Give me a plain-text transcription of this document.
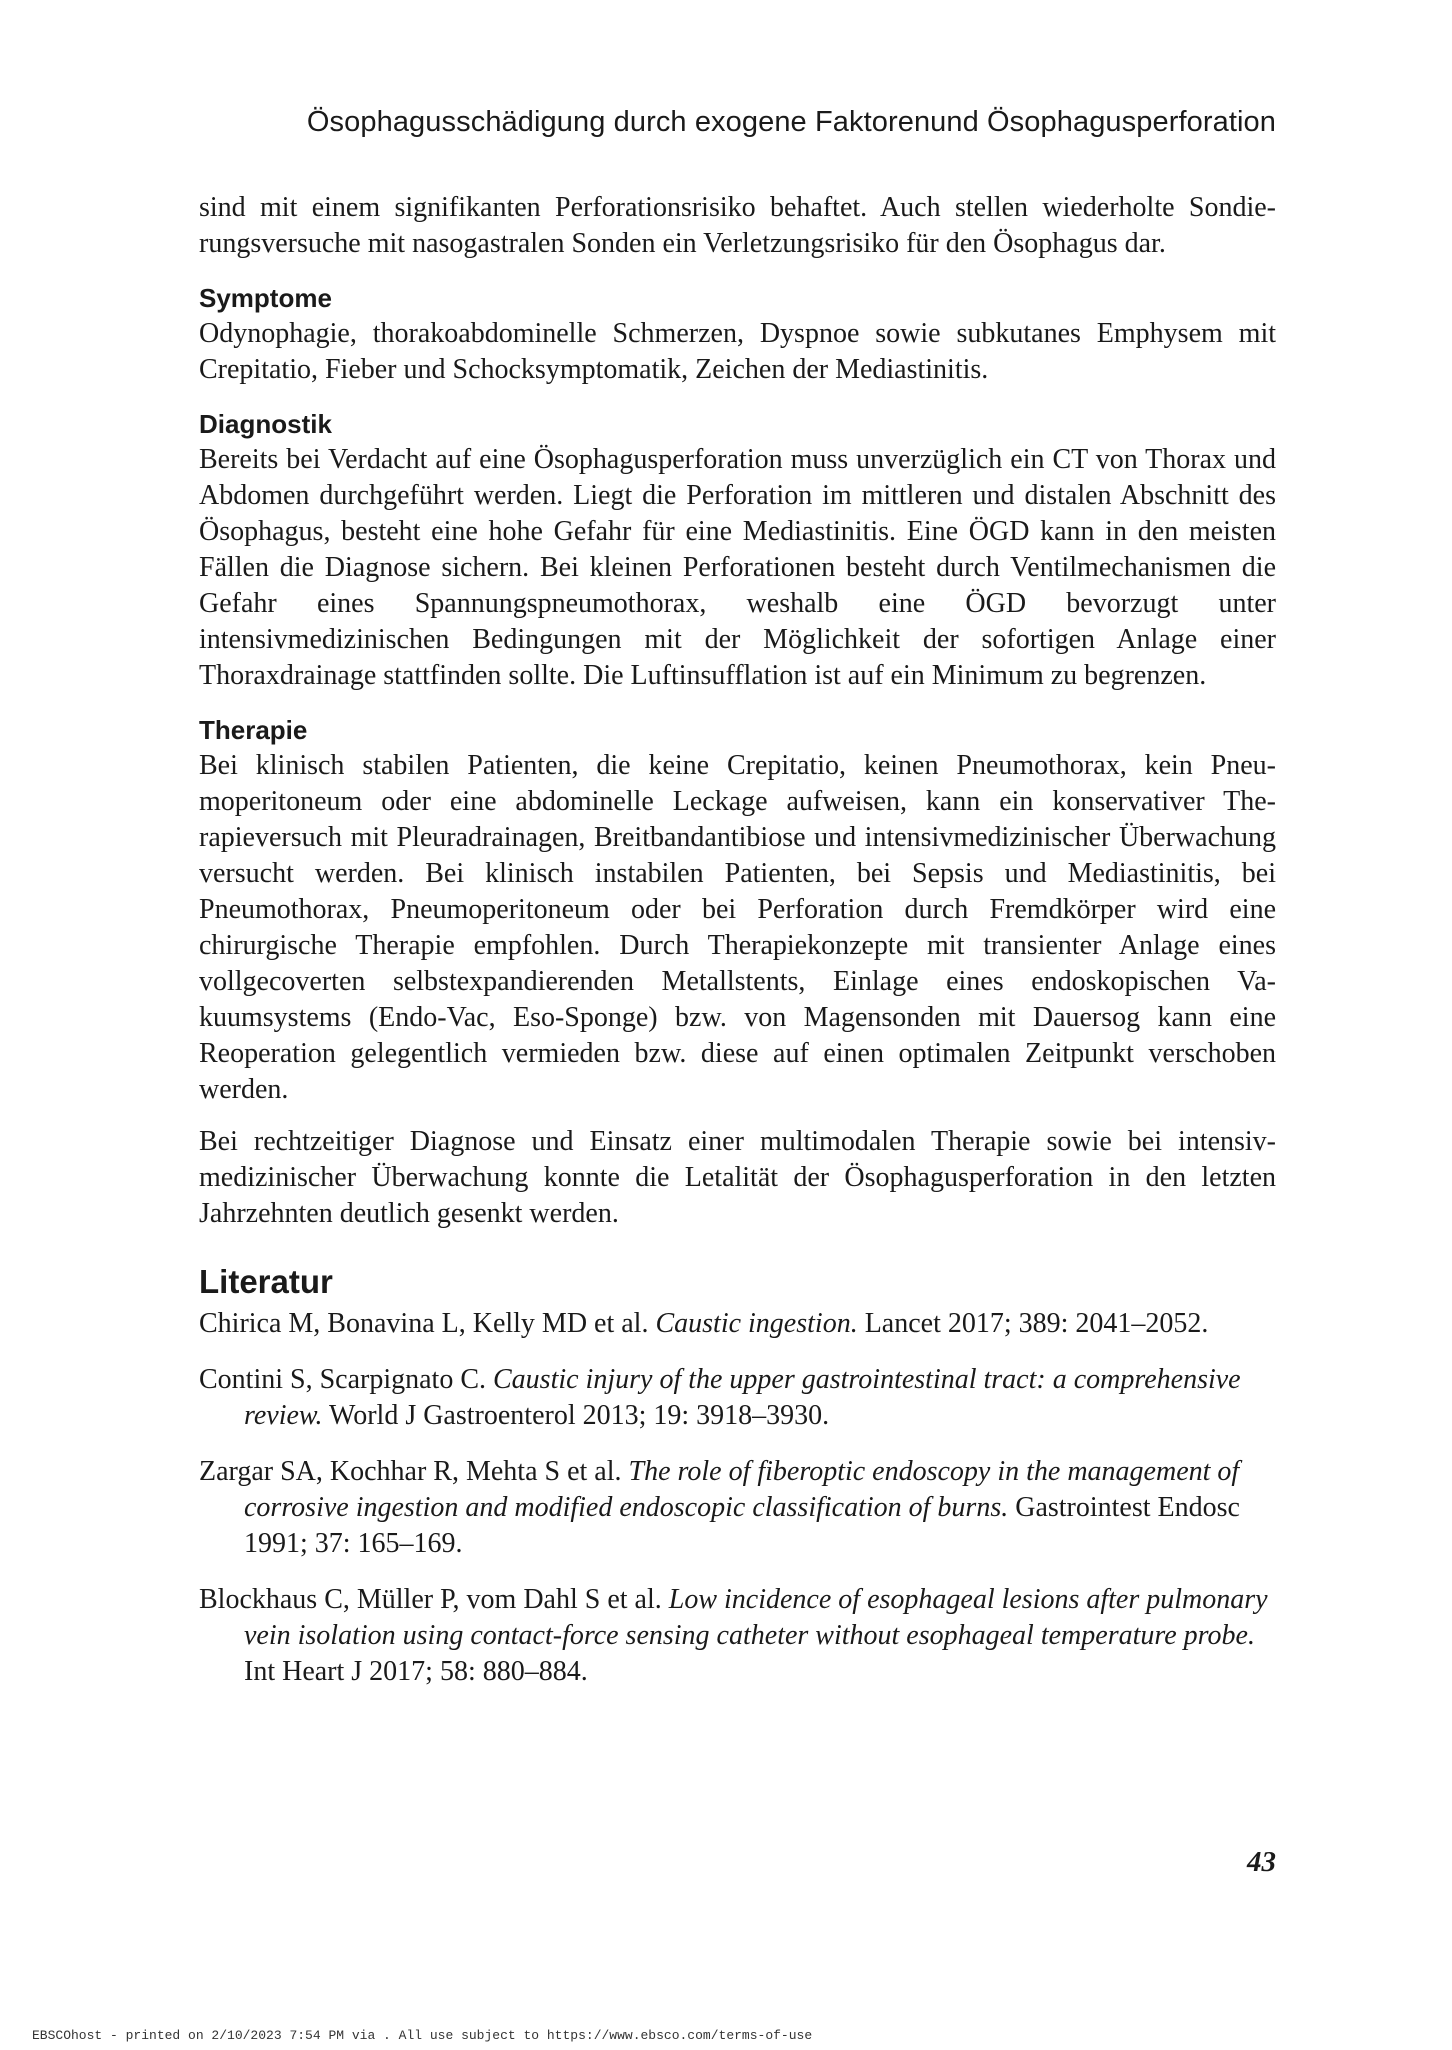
Ösophagusschädigung durch exogene Faktorenund Ösophagusperforation

sind mit einem signifikanten Perforationsrisiko behaftet. Auch stellen wiederholte Sondierungsversuche mit nasogastralen Sonden ein Verletzungsrisiko für den Ösophagus dar.

Symptome

Odynophagie, thorakoabdominelle Schmerzen, Dyspnoe sowie subkutanes Emphysem mit Crepitatio, Fieber und Schocksymptomatik, Zeichen der Mediastinitis.

Diagnostik

Bereits bei Verdacht auf eine Ösophagusperforation muss unverzüglich ein CT von Thorax und Abdomen durchgeführt werden. Liegt die Perforation im mittleren und distalen Abschnitt des Ösophagus, besteht eine hohe Gefahr für eine Mediastinitis. Eine ÖGD kann in den meisten Fällen die Diagnose sichern. Bei kleinen Perforationen besteht durch Ventilmechanismen die Gefahr eines Spannungspneumothorax, weshalb eine ÖGD bevorzugt unter intensivmedizinischen Bedingungen mit der Möglichkeit der sofortigen Anlage einer Thoraxdrainage stattfinden sollte. Die Luftinsufflation ist auf ein Minimum zu begrenzen.

Therapie

Bei klinisch stabilen Patienten, die keine Crepitatio, keinen Pneumothorax, kein Pneumoperitoneum oder eine abdominelle Leckage aufweisen, kann ein konservativer Therapieversuch mit Pleuradrainagen, Breitbandantibiose und intensivmedizinischer Überwachung versucht werden. Bei klinisch instabilen Patienten, bei Sepsis und Mediastinitis, bei Pneumothorax, Pneumoperitoneum oder bei Perforation durch Fremdkörper wird eine chirurgische Therapie empfohlen. Durch Therapiekonzepte mit transienter Anlage eines vollgecoverten selbstexpandierenden Metallstents, Einlage eines endoskopischen Vakuumsystems (Endo-Vac, Eso-Sponge) bzw. von Magensonden mit Dauersog kann eine Reoperation gelegentlich vermieden bzw. diese auf einen optimalen Zeitpunkt verschoben werden.

Bei rechtzeitiger Diagnose und Einsatz einer multimodalen Therapie sowie bei intensivmedizinischer Überwachung konnte die Letalität der Ösophagusperforation in den letzten Jahrzehnten deutlich gesenkt werden.

Literatur

Chirica M, Bonavina L, Kelly MD et al. Caustic ingestion. Lancet 2017; 389: 2041–2052.

Contini S, Scarpignato C. Caustic injury of the upper gastrointestinal tract: a comprehensive review. World J Gastroenterol 2013; 19: 3918–3930.

Zargar SA, Kochhar R, Mehta S et al. The role of fiberoptic endoscopy in the management of corrosive ingestion and modified endoscopic classification of burns. Gastrointest Endosc 1991; 37: 165–169.

Blockhaus C, Müller P, vom Dahl S et al. Low incidence of esophageal lesions after pulmonary vein isolation using contact-force sensing catheter without esophageal temperature probe. Int Heart J 2017; 58: 880–884.

43
EBSCOhost - printed on 2/10/2023 7:54 PM via . All use subject to https://www.ebsco.com/terms-of-use
